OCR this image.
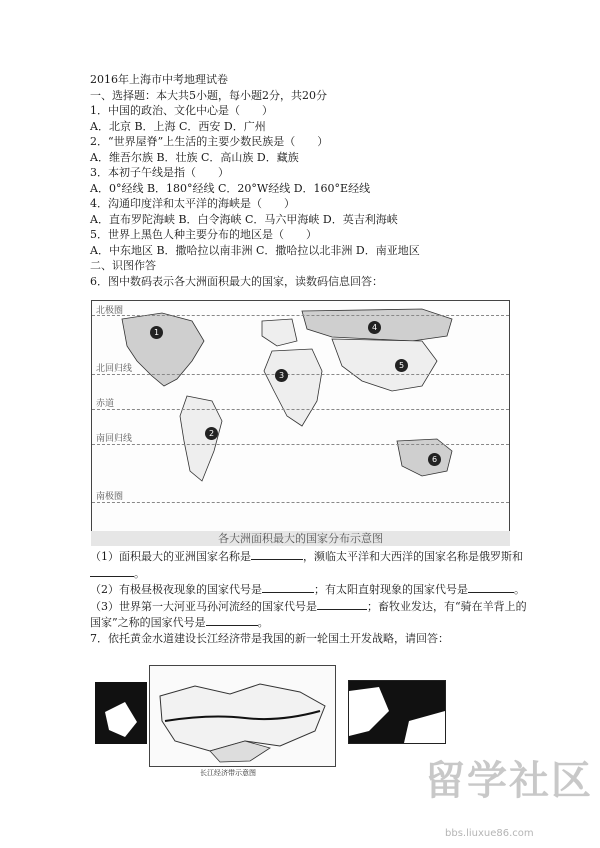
2016年上海市中考地理试卷
一、选择题：本大共5小题，每小题2分，共20分
1．中国的政治、文化中心是（　　）
A．北京 B．上海 C．西安 D．广州
2．“世界屋脊”上生活的主要少数民族是（　　）
A．维吾尔族 B．壮族 C．高山族 D．藏族
3．本初子午线是指（　　）
A．0°经线 B．180°经线 C．20°W经线 D．160°E经线
4．沟通印度洋和太平洋的海峡是（　　）
A．直布罗陀海峡 B．白令海峡 C．马六甲海峡 D．英吉利海峡
5．世界上黑色人种主要分布的地区是（　　）
A．中东地区 B．撒哈拉以南非洲 C．撒哈拉以北非洲 D．南亚地区
二、识图作答
6．图中数码表示各大洲面积最大的国家，读数码信息回答：
北极圈
北回归线
赤道
南回归线
南极圈
1
2
3
4
5
6
各大洲面积最大的国家分布示意图
（1）面积最大的亚洲国家名称是	，濒临太平洋和大西洋的国家名称是俄罗斯和。
（2）有极昼极夜现象的国家代号是	；有太阳直射现象的国家代号是	。
（3）世界第一大河亚马孙河流经的国家代号是	；畜牧业发达，有“骑在羊背上的国家”之称的国家代号是	。
7．依托黄金水道建设长江经济带是我国的新一轮国土开发战略，请回答：
长江经济带示意图
乙
留学社区
bbs.liuxue86.com
